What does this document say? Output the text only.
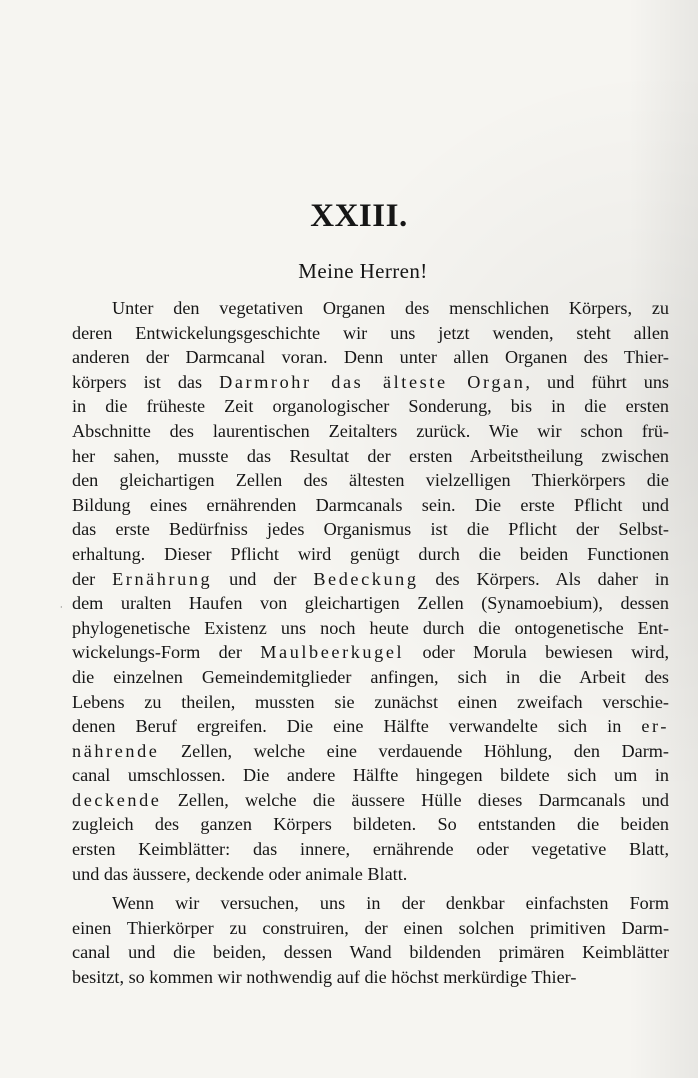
XXIII.
Meine Herren!
Unter den vegetativen Organen des menschlichen Körpers, zu
deren Entwickelungsgeschichte wir uns jetzt wenden, steht allen
anderen der Darmcanal voran. Denn unter allen Organen des Thier-
körpers ist das Darmrohr das älteste Organ, und führt uns
in die früheste Zeit organologischer Sonderung, bis in die ersten
Abschnitte des laurentischen Zeitalters zurück. Wie wir schon frü-
her sahen, musste das Resultat der ersten Arbeitstheilung zwischen
den gleichartigen Zellen des ältesten vielzelligen Thierkörpers die
Bildung eines ernährenden Darmcanals sein. Die erste Pflicht und
das erste Bedürfniss jedes Organismus ist die Pflicht der Selbst-
erhaltung. Dieser Pflicht wird genügt durch die beiden Functionen
der Ernährung und der Bedeckung des Körpers. Als daher in
dem uralten Haufen von gleichartigen Zellen (Synamoebium), dessen
phylogenetische Existenz uns noch heute durch die ontogenetische Ent-
wickelungs-Form der Maulbeerkugel oder Morula bewiesen wird,
die einzelnen Gemeindemitglieder anfingen, sich in die Arbeit des
Lebens zu theilen, mussten sie zunächst einen zweifach verschie-
denen Beruf ergreifen. Die eine Hälfte verwandelte sich in er-
nährende Zellen, welche eine verdauende Höhlung, den Darm-
canal umschlossen. Die andere Hälfte hingegen bildete sich um in
deckende Zellen, welche die äussere Hülle dieses Darmcanals und
zugleich des ganzen Körpers bildeten. So entstanden die beiden
ersten Keimblätter: das innere, ernährende oder vegetative Blatt,
und das äussere, deckende oder animale Blatt.
Wenn wir versuchen, uns in der denkbar einfachsten Form
einen Thierkörper zu construiren, der einen solchen primitiven Darm-
canal und die beiden, dessen Wand bildenden primären Keimblätter
besitzt, so kommen wir nothwendig auf die höchst merkürdige Thier-
·
